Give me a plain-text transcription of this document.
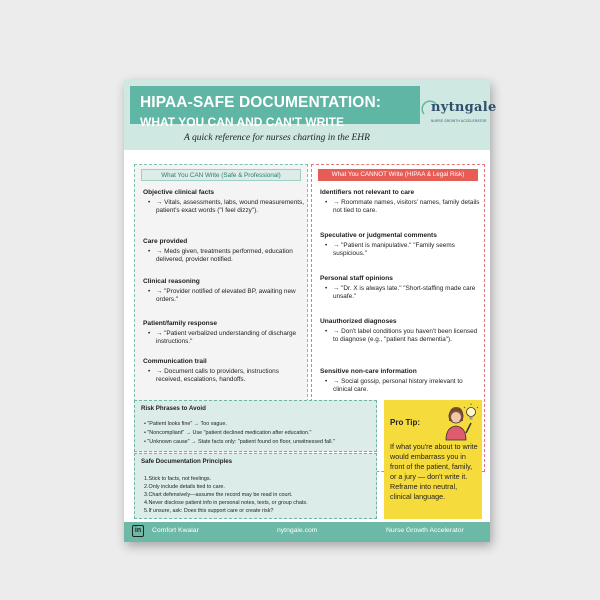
HIPAA-SAFE DOCUMENTATION:
WHAT YOU CAN AND CAN'T WRITE
A quick reference for nurses charting in the EHR
nytngale
NURSE GROWTH ACCELERATOR
What You CAN Write (Safe & Professional)
Objective clinical facts
• → Vitals, assessments, labs, wound measurements, patient's exact words ("I feel dizzy").
Care provided
• → Meds given, treatments performed, education delivered, provider notified.
Clinical reasoning
• → "Provider notified of elevated BP, awaiting new orders."
Patient/family response
• → "Patient verbalized understanding of discharge instructions."
Communication trail
• → Document calls to providers, instructions received, escalations, handoffs.
What You CANNOT Write (HIPAA & Legal Risk)
Identifiers not relevant to care
• → Roommate names, visitors' names, family details not tied to care.
Speculative or judgmental comments
• → "Patient is manipulative." "Family seems suspicious."
Personal staff opinions
• → "Dr. X is always late." "Short-staffing made care unsafe."
Unauthorized diagnoses
• → Don't label conditions you haven't been licensed to diagnose (e.g., "patient has dementia").
Sensitive non-care information
• → Social gossip, personal history irrelevant to clinical care.
Risk Phrases to Avoid
• "Patient looks fine" → Too vague.
• "Noncompliant" → Use "patient declined medication after education."
• "Unknown cause" → State facts only: "patient found on floor, unwitnessed fall."
Safe Documentation Principles
1.Stick to facts, not feelings.
2.Only include details tied to care.
3.Chart defensively—assume the record may be read in court.
4.Never disclose patient info in personal notes, texts, or group chats.
5.If unsure, ask: Does this support care or create risk?
Pro Tip:
If what you're about to write would embarrass you in front of the patient, family, or a jury — don't write it. Reframe into neutral, clinical language.
in	Comfort Kwalar	nytngale.com	Nurse Growth Accelerator
